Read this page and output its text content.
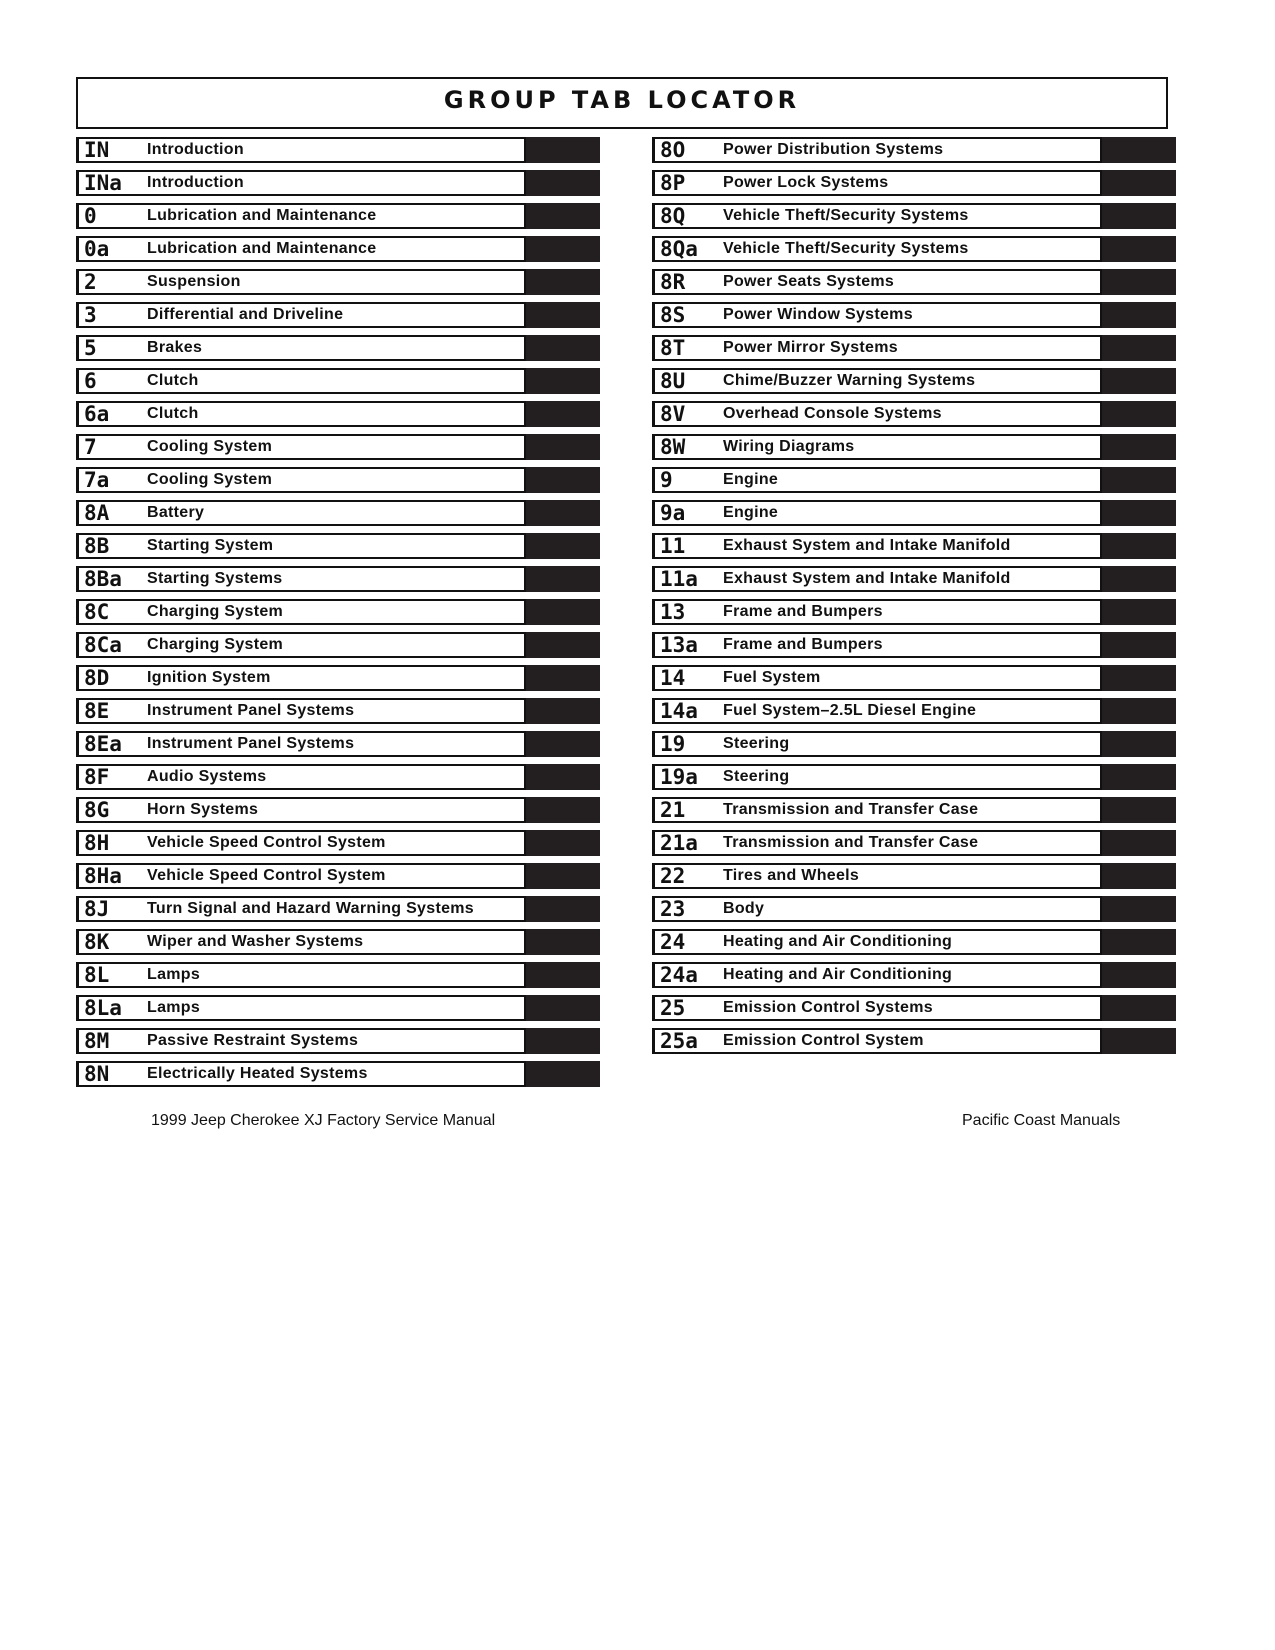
GROUP TAB LOCATOR
IN	Introduction
INa	Introduction
0	Lubrication and Maintenance
0a	Lubrication and Maintenance
2	Suspension
3	Differential and Driveline
5	Brakes
6	Clutch
6a	Clutch
7	Cooling System
7a	Cooling System
8A	Battery
8B	Starting System
8Ba	Starting Systems
8C	Charging System
8Ca	Charging System
8D	Ignition System
8E	Instrument Panel Systems
8Ea	Instrument Panel Systems
8F	Audio Systems
8G	Horn Systems
8H	Vehicle Speed Control System
8Ha	Vehicle Speed Control System
8J	Turn Signal and Hazard Warning Systems
8K	Wiper and Washer Systems
8L	Lamps
8La	Lamps
8M	Passive Restraint Systems
8N	Electrically Heated Systems
8O	Power Distribution Systems
8P	Power Lock Systems
8Q	Vehicle Theft/Security Systems
8Qa	Vehicle Theft/Security Systems
8R	Power Seats Systems
8S	Power Window Systems
8T	Power Mirror Systems
8U	Chime/Buzzer Warning Systems
8V	Overhead Console Systems
8W	Wiring Diagrams
9	Engine
9a	Engine
11	Exhaust System and Intake Manifold
11a	Exhaust System and Intake Manifold
13	Frame and Bumpers
13a	Frame and Bumpers
14	Fuel System
14a	Fuel System–2.5L Diesel Engine
19	Steering
19a	Steering
21	Transmission and Transfer Case
21a	Transmission and Transfer Case
22	Tires and Wheels
23	Body
24	Heating and Air Conditioning
24a	Heating and Air Conditioning
25	Emission Control Systems
25a	Emission Control System
1999 Jeep Cherokee XJ Factory Service Manual	Pacific Coast Manuals
